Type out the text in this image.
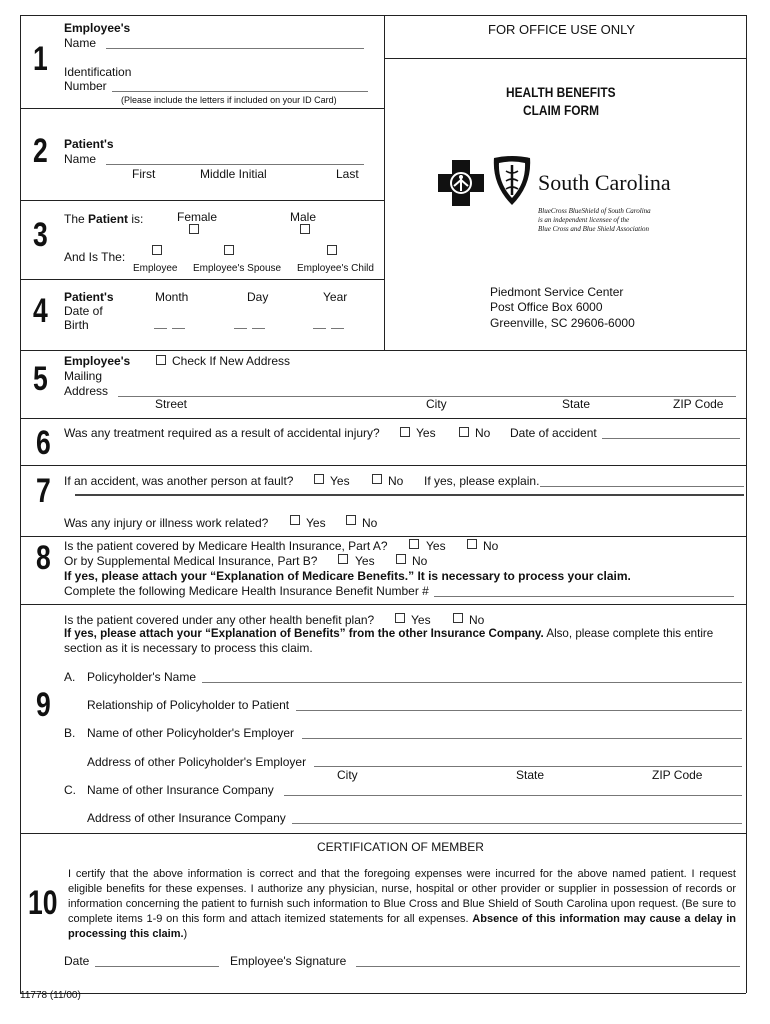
1
Employee's
Name
Identification
Number
(Please include the letters if included on your ID Card)
FOR OFFICE USE ONLY
HEALTH BENEFITS
CLAIM FORM
South Carolina
BlueCross BlueShield of South Carolina
is an independent licensee of the
Blue Cross and Blue Shield Association
Piedmont Service Center
Post Office Box 6000
Greenville, SC 29606-6000
2 Patient's
Name
First	Middle Initial	Last
3 The Patient is:	Female	Male
And Is The:
Employee Employee's Spouse Employee's Child
4 Patient's
Date of
Birth
Month	Day	Year
5 Employee's	Check If New Address
Mailing
Address
Street	City	State	ZIP Code
6 Was any treatment required as a result of accidental injury?	Yes	No Date of accident
7 If an accident, was another person at fault?	Yes	No If yes, please explain.
Was any injury or illness work related?	Yes	No
8 Is the patient covered by Medicare Health Insurance, Part A?	Yes	No
Or by Supplemental Medical Insurance, Part B?	Yes	No
If yes, please attach your “Explanation of Medicare Benefits.” It is necessary to process your claim.
Complete the following Medicare Health Insurance Benefit Number #
9
Is the patient covered under any other health benefit plan?	Yes	No
If yes, please attach your “Explanation of Benefits” from the other Insurance Company. Also, please complete this entire
section as it is necessary to process this claim.
A. Policyholder's Name
Relationship of Policyholder to Patient
B. Name of other Policyholder's Employer
Address of other Policyholder's Employer
City	State	ZIP Code
C. Name of other Insurance Company
Address of other Insurance Company
CERTIFICATION OF MEMBER
10
I certify that the above information is correct and that the foregoing expenses were incurred for the above named patient. I request eligible benefits for these expenses. I authorize any physician, nurse, hospital or other provider or supplier in possession of records or information concerning the patient to furnish such information to Blue Cross and Blue Shield of South Carolina upon request. (Be sure to complete items 1-9 on this form and attach itemized statements for all expenses. Absence of this information may cause a delay in processing this claim.)
Date	Employee's Signature
11778 (11/00)
